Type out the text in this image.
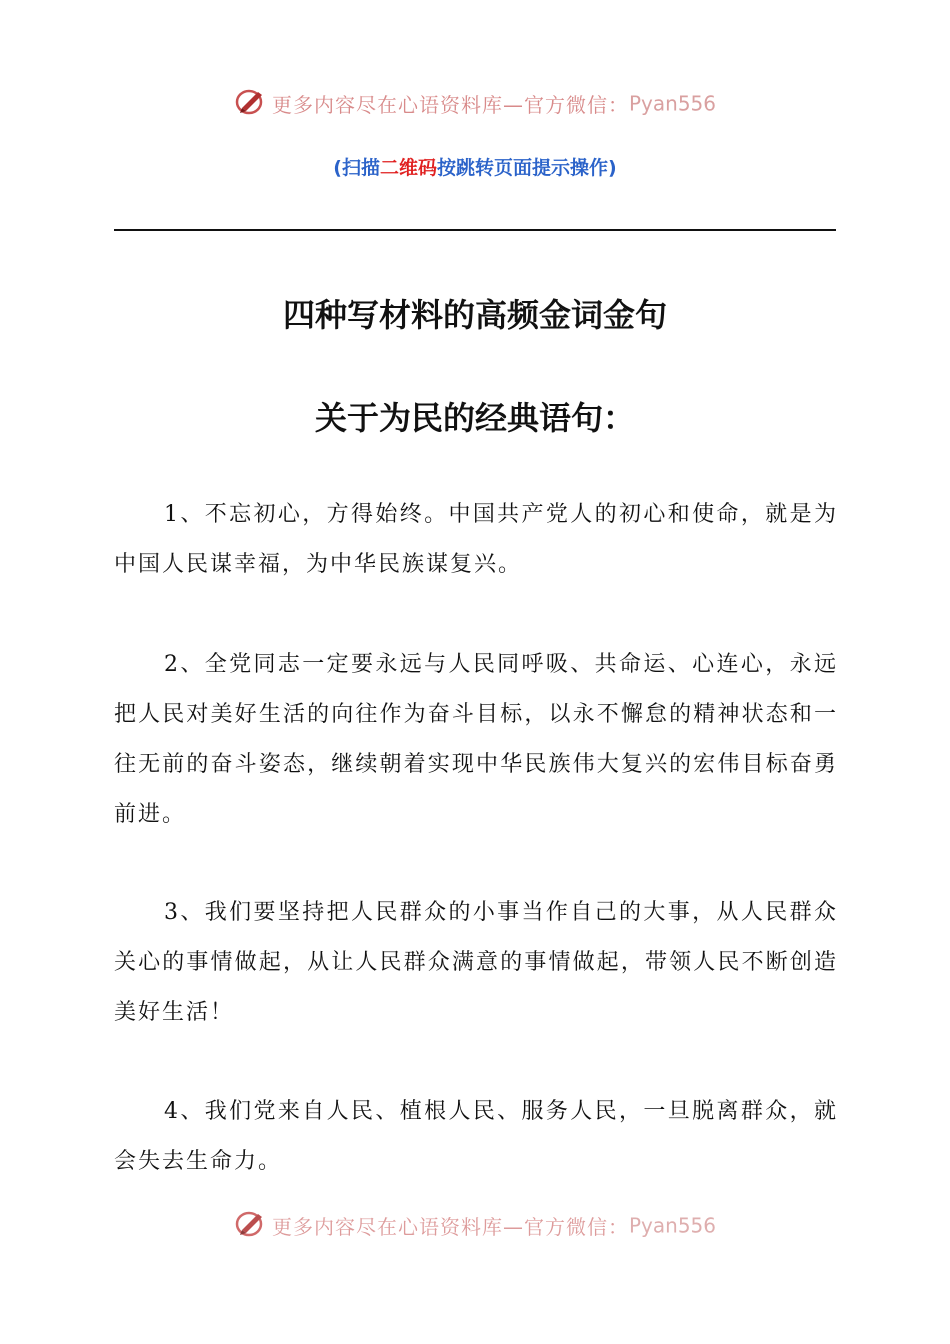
更多内容尽在心语资料库—官方微信：Pyan556
(扫描二维码按跳转页面提示操作)
四种写材料的高频金词金句
关于为民的经典语句：

1、不忘初心，方得始终。中国共产党人的初心和使命，就是为中国人民谋幸福，为中华民族谋复兴。

2、全党同志一定要永远与人民同呼吸、共命运、心连心，永远把人民对美好生活的向往作为奋斗目标，以永不懈怠的精神状态和一往无前的奋斗姿态，继续朝着实现中华民族伟大复兴的宏伟目标奋勇前进。

3、我们要坚持把人民群众的小事当作自己的大事，从人民群众关心的事情做起，从让人民群众满意的事情做起，带领人民不断创造美好生活！

4、我们党来自人民、植根人民、服务人民，一旦脱离群众，就会失去生命力。

更多内容尽在心语资料库—官方微信：Pyan556
